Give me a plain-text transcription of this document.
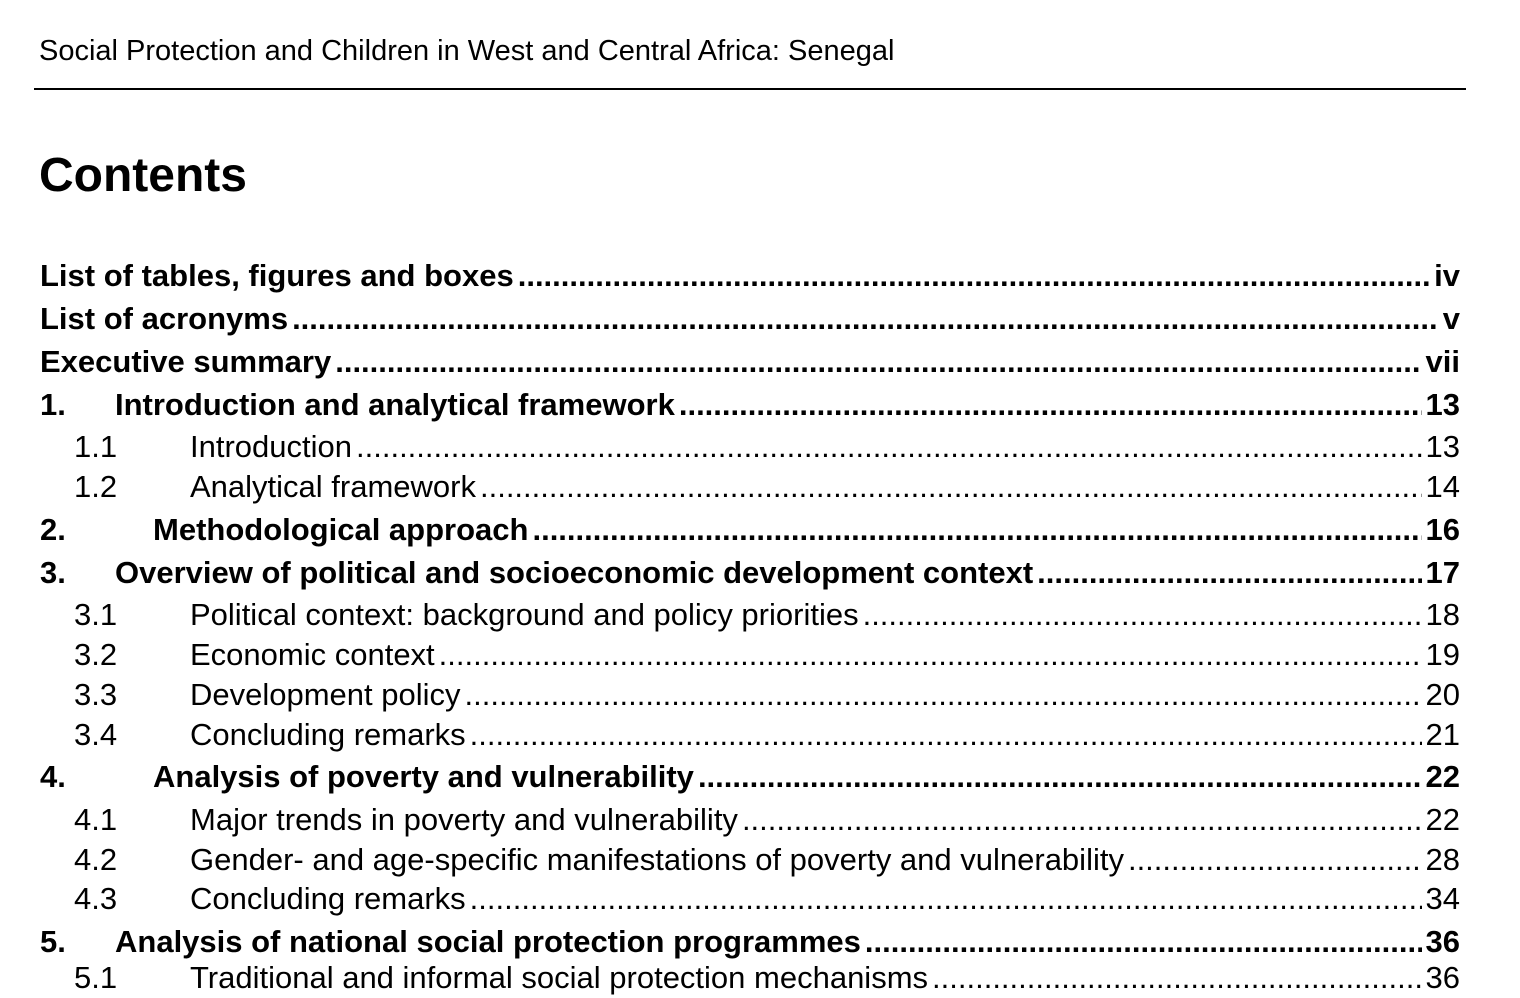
Social Protection and Children in West and Central Africa: Senegal
Contents
List of tables, figures and boxes .....	iv
List of acronyms .....	v
Executive summary .....	vii
1.	Introduction and analytical framework .....	13
1.1	Introduction .....	13
1.2	Analytical framework .....	14
2.	Methodological approach .....	16
3.	Overview of political and socioeconomic development context .....	17
3.1	Political context: background and policy priorities .....	18
3.2	Economic context .....	19
3.3	Development policy .....	20
3.4	Concluding remarks .....	21
4.	Analysis of poverty and vulnerability .....	22
4.1	Major trends in poverty and vulnerability .....	22
4.2	Gender- and age-specific manifestations of poverty and vulnerability .....	28
4.3	Concluding remarks .....	34
5.	Analysis of national social protection programmes .....	36
5.1	Traditional and informal social protection mechanisms .....	36
